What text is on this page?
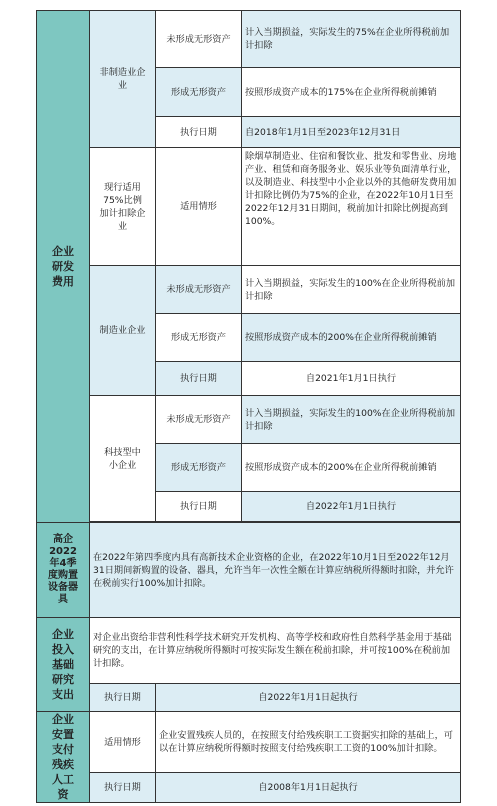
企业研发费用	非制造业企业	未形成无形资产	计入当期损益，实际发生的75%在企业所得税前加计扣除
		形成无形资产	按照形成资产成本的175%在企业所得税前摊销
		执行日期	自2018年1月1日至2023年12月31日

	现行适用75%比例加计扣除企业	适用情形	除烟草制造业、住宿和餐饮业、批发和零售业、房地产业、租赁和商务服务业、娱乐业等负面清单行业，以及制造业、科技型中小企业以外的其他研发费用加计扣除比例仍为75%的企业，在2022年10月1日至2022年12月31日期间，税前加计扣除比例提高到100%。

	制造业企业	未形成无形资产	计入当期损益，实际发生的100%在企业所得税前加计扣除
		形成无形资产	按照形成资产成本的200%在企业所得税前摊销
		执行日期	自2021年1月1日执行

	科技型中小企业	未形成无形资产	计入当期损益，实际发生的100%在企业所得税前加计扣除
		形成无形资产	按照形成资产成本的200%在企业所得税前摊销
		执行日期	自2022年1月1日执行

高企2022年4季度购置设备器具	在2022年第四季度内具有高新技术企业资格的企业，在2022年10月1日至2022年12月31日期间新购置的设备、器具，允许当年一次性全额在计算应纳税所得额时扣除，并允许在税前实行100%加计扣除。		

企业投入基础研究支出	对企业出资给非营利性科学技术研究开发机构、高等学校和政府性自然科学基金用于基础研究的支出，在计算应纳税所得额时可按实际发生额在税前扣除，并可按100%在税前加计扣除。		
	执行日期	自2022年1月1日起执行	

企业安置支付残疾人工资	适用情形	企业安置残疾人员的，在按照支付给残疾职工工资据实扣除的基础上，可以在计算应纳税所得额时按照支付给残疾职工工资的100%加计扣除。	
	执行日期	自2008年1月1日起执行	
